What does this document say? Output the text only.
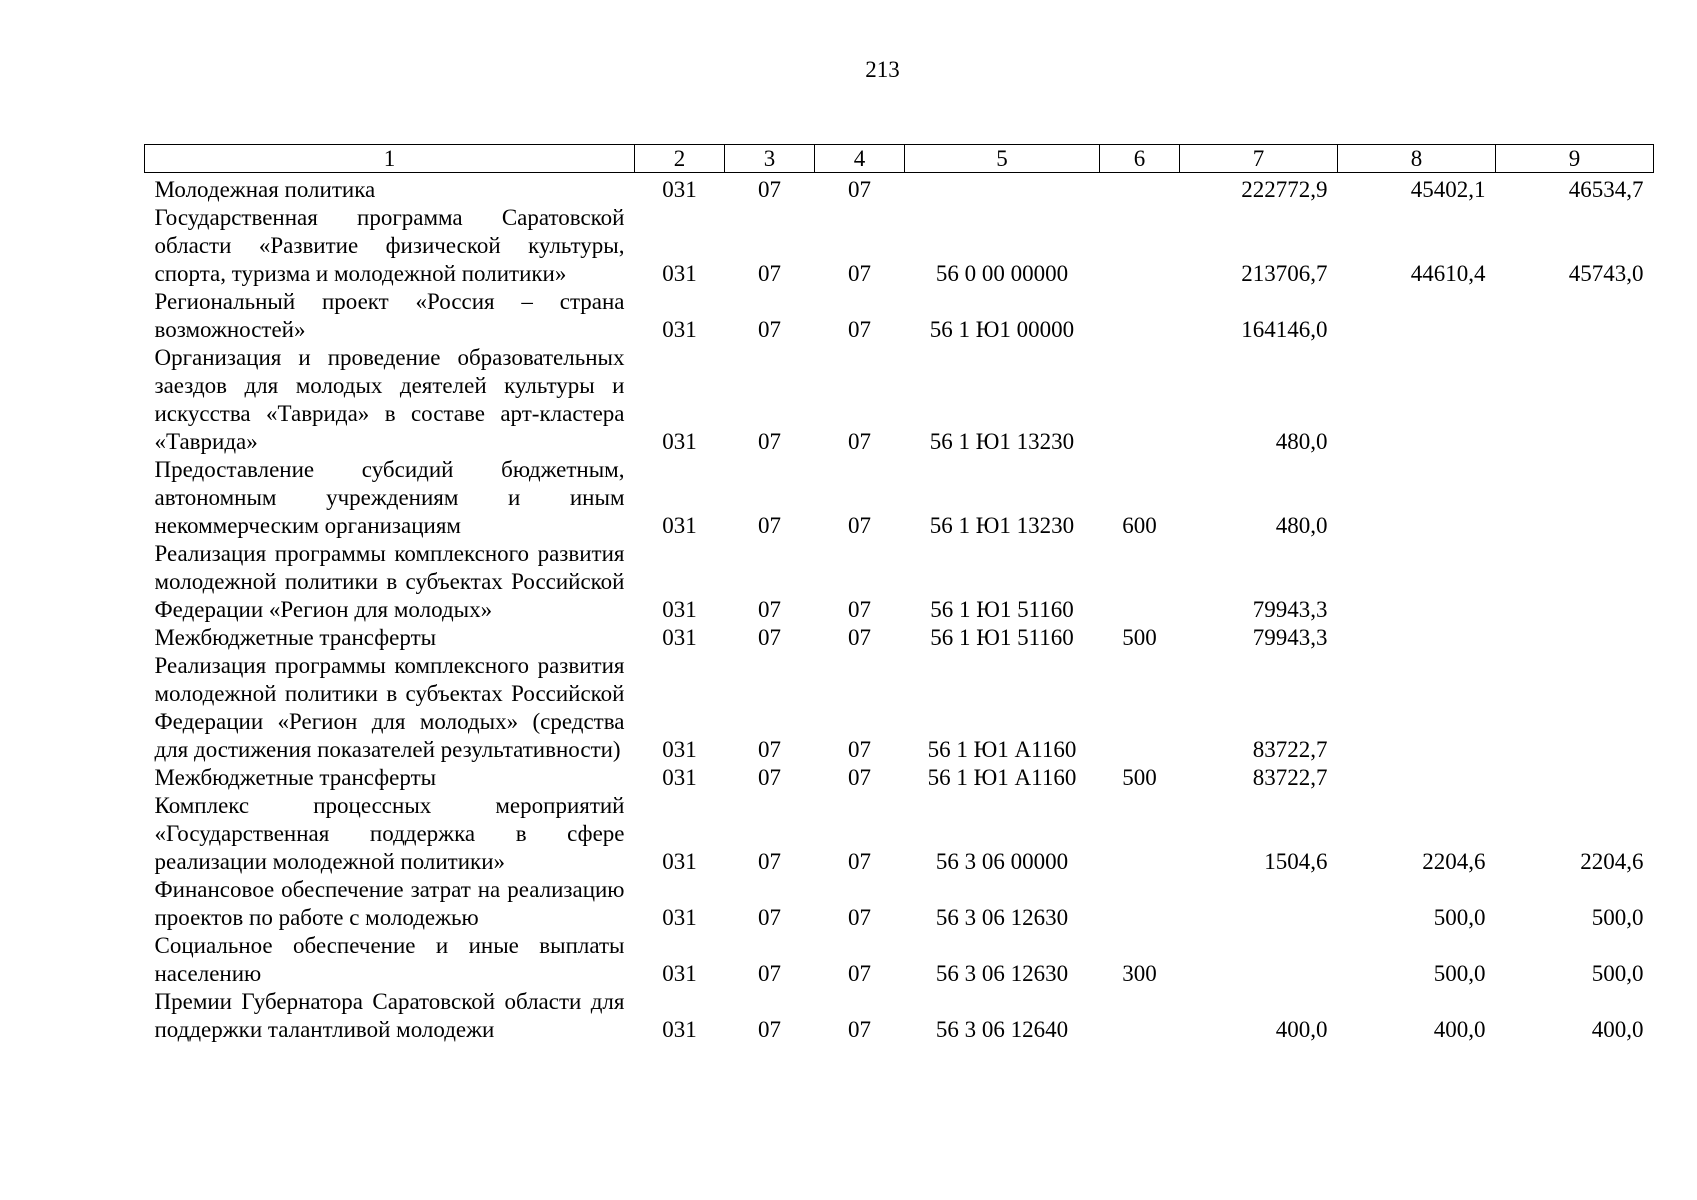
213
1	2	3	4	5	6	7	8	9
Молодежная политика	031	07	07			222772,9	45402,1	46534,7
Государственная программа Саратовской области «Развитие физической культуры, спорта, туризма и молодежной политики»	031	07	07	56 0 00 00000		213706,7	44610,4	45743,0
Региональный проект «Россия – страна возможностей»	031	07	07	56 1 Ю1 00000		164146,0		
Организация и проведение образовательных заездов для молодых деятелей культуры и искусства «Таврида» в составе арт-кластера «Таврида»	031	07	07	56 1 Ю1 13230		480,0		
Предоставление субсидий бюджетным, автономным учреждениям и иным некоммерческим организациям	031	07	07	56 1 Ю1 13230	600	480,0		
Реализация программы комплексного развития молодежной политики в субъектах Российской Федерации «Регион для молодых»	031	07	07	56 1 Ю1 51160		79943,3		
Межбюджетные трансферты	031	07	07	56 1 Ю1 51160	500	79943,3		
Реализация программы комплексного развития молодежной политики в субъектах Российской Федерации «Регион для молодых» (средства для достижения показателей результативности)	031	07	07	56 1 Ю1 А1160		83722,7		
Межбюджетные трансферты	031	07	07	56 1 Ю1 А1160	500	83722,7		
Комплекс процессных мероприятий «Государственная поддержка в сфере реализации молодежной политики»	031	07	07	56 3 06 00000		1504,6	2204,6	2204,6
Финансовое обеспечение затрат на реализацию проектов по работе с молодежью	031	07	07	56 3 06 12630			500,0	500,0
Социальное обеспечение и иные выплаты населению	031	07	07	56 3 06 12630	300		500,0	500,0
Премии Губернатора Саратовской области для поддержки талантливой молодежи	031	07	07	56 3 06 12640		400,0	400,0	400,0
